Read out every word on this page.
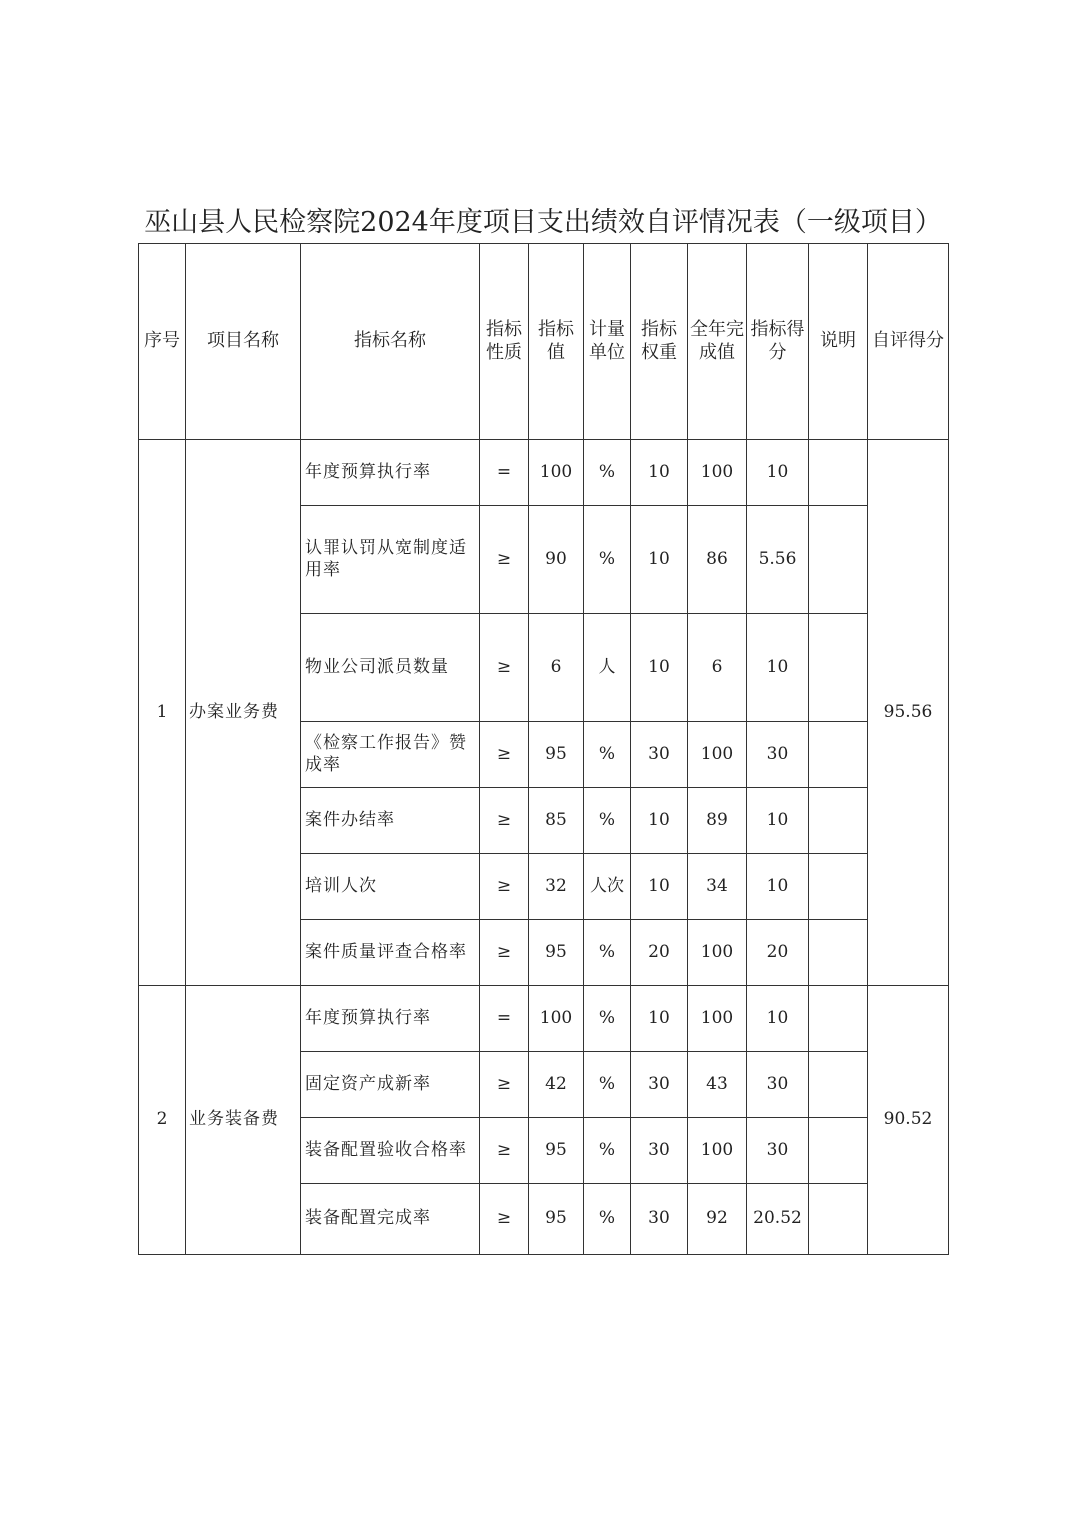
巫山县人民检察院2024年度项目支出绩效自评情况表（一级项目）
序号	项目名称	指标名称	指标性质	指标值	计量单位	指标权重	全年完成值	指标得分	说明	自评得分
1	办案业务费	年度预算执行率	=	100	%	10	100	10		95.56
		认罪认罚从宽制度适用率	≥	90	%	10	86	5.56		
		物业公司派员数量	≥	6	人	10	6	10		
		《检察工作报告》赞成率	≥	95	%	30	100	30		
		案件办结率	≥	85	%	10	89	10		
		培训人次	≥	32	人次	10	34	10		
		案件质量评查合格率	≥	95	%	20	100	20		
2	业务装备费	年度预算执行率	=	100	%	10	100	10		90.52
		固定资产成新率	≥	42	%	30	43	30		
		装备配置验收合格率	≥	95	%	30	100	30		
		装备配置完成率	≥	95	%	30	92	20.52		
